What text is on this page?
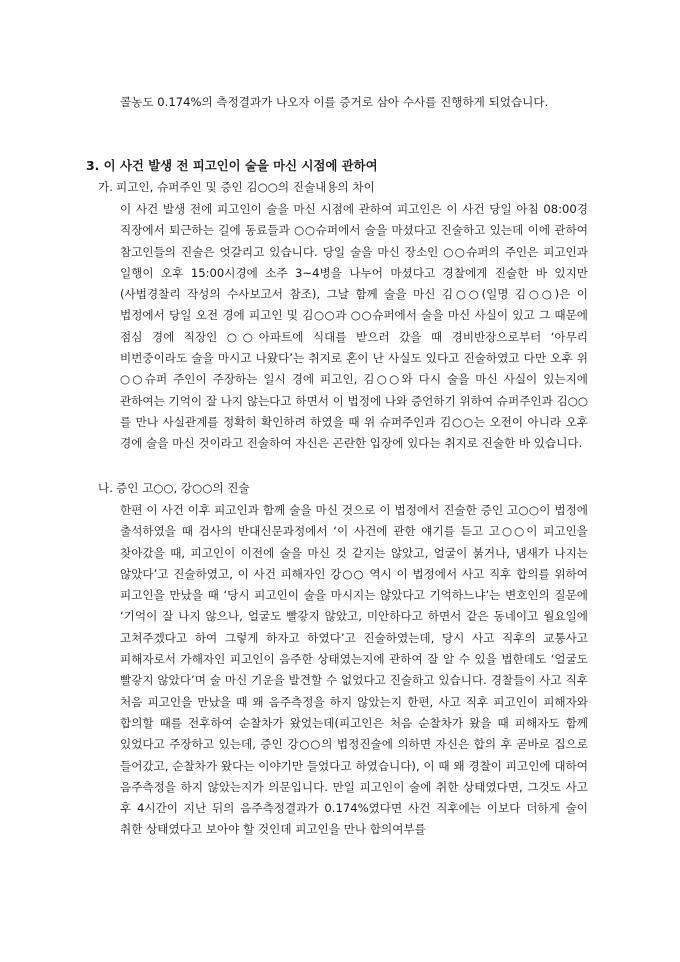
콜농도 0.174%의 측정결과가 나오자 이를 증거로 삼아 수사를 진행하게 되었습니다.

3. 이 사건 발생 전 피고인이 술을 마신 시점에 관하여
가. 피고인, 슈퍼주인 및 증인 김○○의 진술내용의 차이

이 사건 발생 전에 피고인이 술을 마신 시점에 관하여 피고인은 이 사건 당일 아침 08:00경 직장에서 퇴근하는 길에 동료들과 ○○슈퍼에서 술을 마셨다고 진술하고 있는데 이에 관하여 참고인들의 진술은 엇갈리고 있습니다. 당일 술을 마신 장소인 ○○슈퍼의 주인은 피고인과 일행이 오후 15:00시경에 소주 3~4병을 나누어 마셨다고 경찰에게 진술한 바 있지만(사법경찰리 작성의 수사보고서 참조), 그날 함께 술을 마신 김○○(일명 김○○)은 이 법정에서 당일 오전 경에 피고인 및 김○○과 ○○슈퍼에서 술을 마신 사실이 있고 그 때문에 점심 경에 직장인 ○○아파트에 식대를 받으러 갔을 때 경비반장으로부터 ‘아무리 비번중이라도 술을 마시고 나왔다’는 취지로 혼이 난 사실도 있다고 진술하였고 다만 오후 위 ○○슈퍼 주인이 주장하는 일시 경에 피고인, 김○○와 다시 술을 마신 사실이 있는지에 관하여는 기억이 잘 나지 않는다고 하면서 이 법정에 나와 증언하기 위하여 슈퍼주인과 김○○를 만나 사실관계를 정확히 확인하려 하였을 때 위 슈퍼주인과 김○○는 오전이 아니라 오후 경에 술을 마신 것이라고 진술하여 자신은 곤란한 입장에 있다는 취지로 진술한 바 있습니다.

나. 증인 고○○, 강○○의 진술

한편 이 사건 이후 피고인과 함께 술을 마신 것으로 이 법정에서 진술한 증인 고○○이 법정에 출석하였을 때 검사의 반대신문과정에서 ‘이 사건에 관한 얘기를 듣고 고○○이 피고인을 찾아갔을 때, 피고인이 이전에 술을 마신 것 같지는 않았고, 얼굴이 붉거나, 냄새가 나지는 않았다’고 진술하였고, 이 사건 피해자인 강○○ 역시 이 법정에서 사고 직후 합의를 위하여 피고인을 만났을 때 ‘당시 피고인이 술을 마시지는 않았다고 기억하느냐’는 변호인의 질문에 ‘기억이 잘 나지 않으나, 얼굴도 빨갛지 않았고, 미안하다고 하면서 같은 동네이고 월요일에 고쳐주겠다고 하여 그렇게 하자고 하였다’고 진술하였는데, 당시 사고 직후의 교통사고 피해자로서 가해자인 피고인이 음주한 상태였는지에 관하여 잘 알 수 있을 법한데도 ‘얼굴도 빨갛지 않았다’며 술 마신 기운을 발견할 수 없었다고 진술하고 있습니다. 경찰들이 사고 직후 처음 피고인을 만났을 때 왜 음주측정을 하지 않았는지 한편, 사고 직후 피고인이 피해자와 합의할 때를 전후하여 순찰차가 왔었는데(피고인은 처음 순찰차가 왔을 때 피해자도 함께 있었다고 주장하고 있는데, 증인 강○○의 법정진술에 의하면 자신은 합의 후 곧바로 집으로 들어갔고, 순찰차가 왔다는 이야기만 들었다고 하였습니다), 이 때 왜 경찰이 피고인에 대하여 음주측정을 하지 않았는지가 의문입니다. 만일 피고인이 술에 취한 상태였다면, 그것도 사고 후 4시간이 지난 뒤의 음주측정결과가 0.174%였다면 사건 직후에는 이보다 더하게 술이 취한 상태였다고 보아야 할 것인데 피고인을 만나 합의여부를
